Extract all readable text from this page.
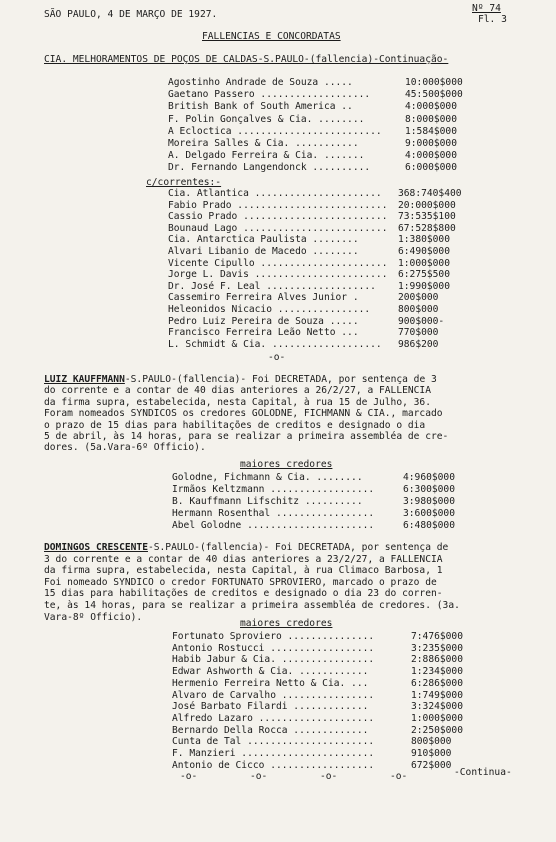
SÃO PAULO, 4 DE MARÇO DE 1927.
Nº 74
Fl. 3
FALLENCIAS E CONCORDATAS
CIA. MELHORAMENTOS DE POÇOS DE CALDAS-S.PAULO-(fallencia)-Continuação-
Agostinho Andrade de Souza .....	10:000$000
Gaetano Passero ...................	45:500$000
British Bank of South America ..	4:000$000
F. Polin Gonçalves & Cia. ........	8:000$000
A Ecloctica ......................... 1:584$000
Moreira Salles & Cia. ...........	9:000$000
A. Delgado Ferreira & Cia. .......	4:000$000
Dr. Fernando Langendonck ..........	6:000$000
c/correntes:-
Cia. Atlantica ...................... 368:740$400
Fabio Prado .......................... 20:000$000
Cassio Prado ......................... 73:535$100
Bounaud Lago ......................... 67:528$800
Cia. Antarctica Paulista ........	1:380$000
Alvari Libanio de Macedo ........	6:490$000
Vicente Cipullo ...................... 1:000$000
Jorge L. Davis ....................... 6:275$500
Dr. José F. Leal ................... 1:990$000
Cassemiro Ferreira Alves Junior .	200$000
Heleonidos Nicacio ................	800$000
Pedro Luiz Pereira de Souza .....	900$000-
Francisco Ferreira Leão Netto ...	770$000
L. Schmidt & Cia. ................... 986$200
-o-
LUIZ KAUFFMANN-S.PAULO-(fallencia)- Foi DECRETADA, por sentença de 3
do corrente e a contar de 40 dias anteriores a 26/2/27, a FALLENCIA
da firma supra, estabelecida, nesta Capital, à rua 15 de Julho, 36.
Foram nomeados SYNDICOS os credores GOLODNE, FICHMANN & CIA., marcado
o prazo de 15 dias para habilitações de creditos e designado o dia
5 de abril, às 14 horas, para se realizar a primeira assembléa de cre-
dores. (5a.Vara-6º Officio).
maiores credores
Golodne, Fichmann & Cia. ........	4:960$000
Irmãos Keltzmann ..................	6:300$000
B. Kauffmann Lifschitz ..........	3:980$000
Hermann Rosenthal .................	3:600$000
Abel Golodne ......................	6:480$000
DOMINGOS CRESCENTE-S.PAULO-(fallencia)- Foi DECRETADA, por sentença de
3 do corrente e a contar de 40 dias anteriores a 23/2/27, a FALLENCIA
da firma supra, estabelecida, nesta Capital, à rua Climaco Barbosa, 1
Foi nomeado SYNDICO o credor FORTUNATO SPROVIERO, marcado o prazo de
15 dias para habilitações de creditos e designado o dia 23 do corren-
te, às 14 horas, para se realizar a primeira assembléa de credores. (3a.
Vara-8º Officio).
maiores credores
Fortunato Sproviero ...............	7:476$000
Antonio Rostucci ..................	3:235$000
Habib Jabur & Cia. ................	2:886$000
Edwar Ashworth & Cia. ............	1:234$000
Hermenio Ferreira Netto & Cia. ...	6:286$000
Alvaro de Carvalho ................	1:749$000
José Barbato Filardi .............	3:324$000
Alfredo Lazaro ....................	1:000$000
Bernardo Della Rocca .............	2:250$000
Cunta de Tal ......................	800$000
F. Manzieri .......................	910$000
Antonio de Cicco ..................	672$000
-o-	-o-	-o-	-o-	-Continua-
